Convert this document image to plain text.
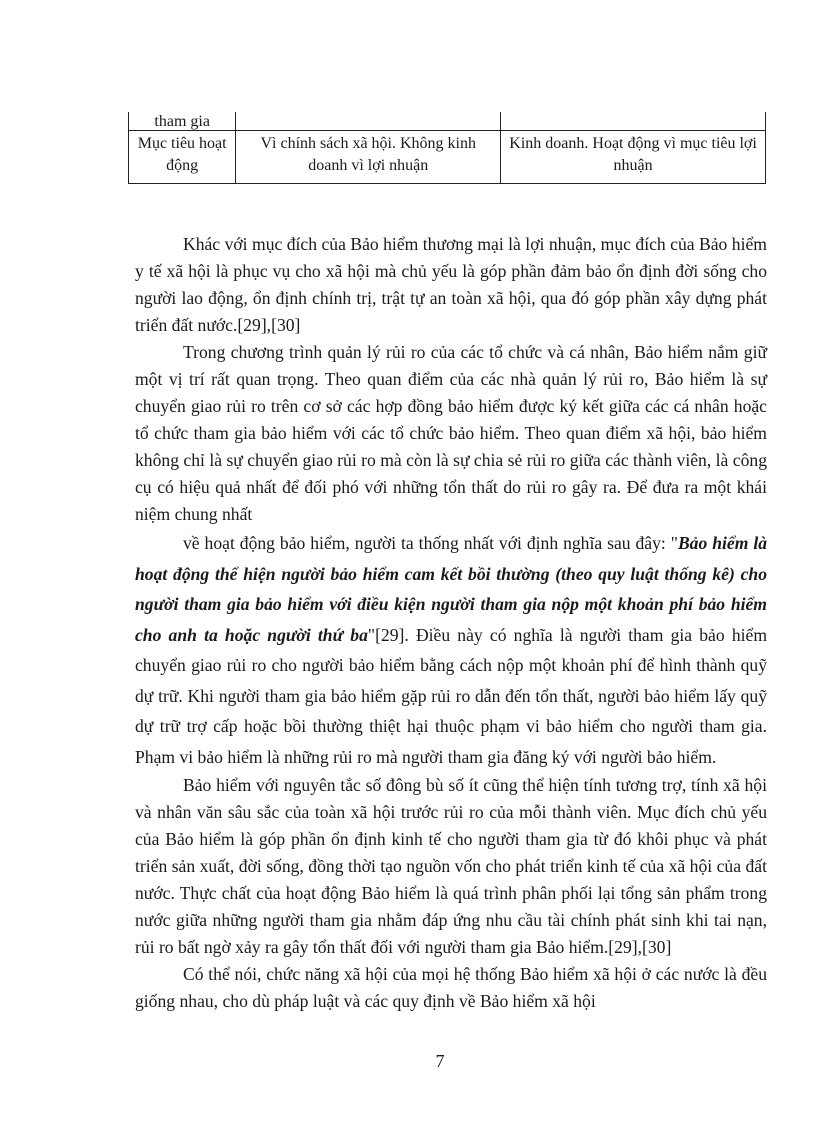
tham gia		
Mục tiêu hoạt động	Vì chính sách xã hội. Không kinh doanh vì lợi nhuận	Kinh doanh. Hoạt động vì mục tiêu lợi nhuận

Khác với mục đích của Bảo hiểm thương mại là lợi nhuận, mục đích của Bảo hiểm y tế xã hội là phục vụ cho xã hội mà chủ yếu là góp phần đảm bảo ổn định đời sống cho người lao động, ổn định chính trị, trật tự an toàn xã hội, qua đó góp phần xây dựng phát triển đất nước.[29],[30]

Trong chương trình quản lý rủi ro của các tổ chức và cá nhân, Bảo hiểm nắm giữ một vị trí rất quan trọng. Theo quan điểm của các nhà quản lý rủi ro, Bảo hiểm là sự chuyển giao rủi ro trên cơ sở các hợp đồng bảo hiểm được ký kết giữa các cá nhân hoặc tổ chức tham gia bảo hiểm với các tổ chức bảo hiểm. Theo quan điểm xã hội, bảo hiểm không chỉ là sự chuyển giao rủi ro mà còn là sự chia sẻ rủi ro giữa các thành viên, là công cụ có hiệu quả nhất để đối phó với những tổn thất do rủi ro gây ra. Để đưa ra một khái niệm chung nhất

về hoạt động bảo hiểm, người ta thống nhất với định nghĩa sau đây: "Bảo hiểm là hoạt động thể hiện người bảo hiểm cam kết bồi thường (theo quy luật thống kê) cho người tham gia bảo hiểm với điều kiện người tham gia nộp một khoản phí bảo hiểm cho anh ta hoặc người thứ ba"[29]. Điều này có nghĩa là người tham gia bảo hiểm chuyển giao rủi ro cho người bảo hiểm bằng cách nộp một khoản phí để hình thành quỹ dự trữ. Khi người tham gia bảo hiểm gặp rủi ro dẫn đến tổn thất, người bảo hiểm lấy quỹ dự trữ trợ cấp hoặc bồi thường thiệt hại thuộc phạm vi bảo hiểm cho người tham gia. Phạm vi bảo hiểm là những rủi ro mà người tham gia đăng ký với người bảo hiểm.

Bảo hiểm với nguyên tắc số đông bù số ít cũng thể hiện tính tương trợ, tính xã hội và nhân văn sâu sắc của toàn xã hội trước rủi ro của mỗi thành viên. Mục đích chủ yếu của Bảo hiểm là góp phần ổn định kinh tế cho người tham gia từ đó khôi phục và phát triển sản xuất, đời sống, đồng thời tạo nguồn vốn cho phát triển kinh tế của xã hội của đất nước. Thực chất của hoạt động Bảo hiểm là quá trình phân phối lại tổng sản phẩm trong nước giữa những người tham gia nhằm đáp ứng nhu cầu tài chính phát sinh khi tai nạn, rủi ro bất ngờ xảy ra gây tổn thất đối với người tham gia Bảo hiểm.[29],[30]

Có thể nói, chức năng xã hội của mọi hệ thống Bảo hiểm xã hội ở các nước là đều giống nhau, cho dù pháp luật và các quy định về Bảo hiểm xã hội

7
